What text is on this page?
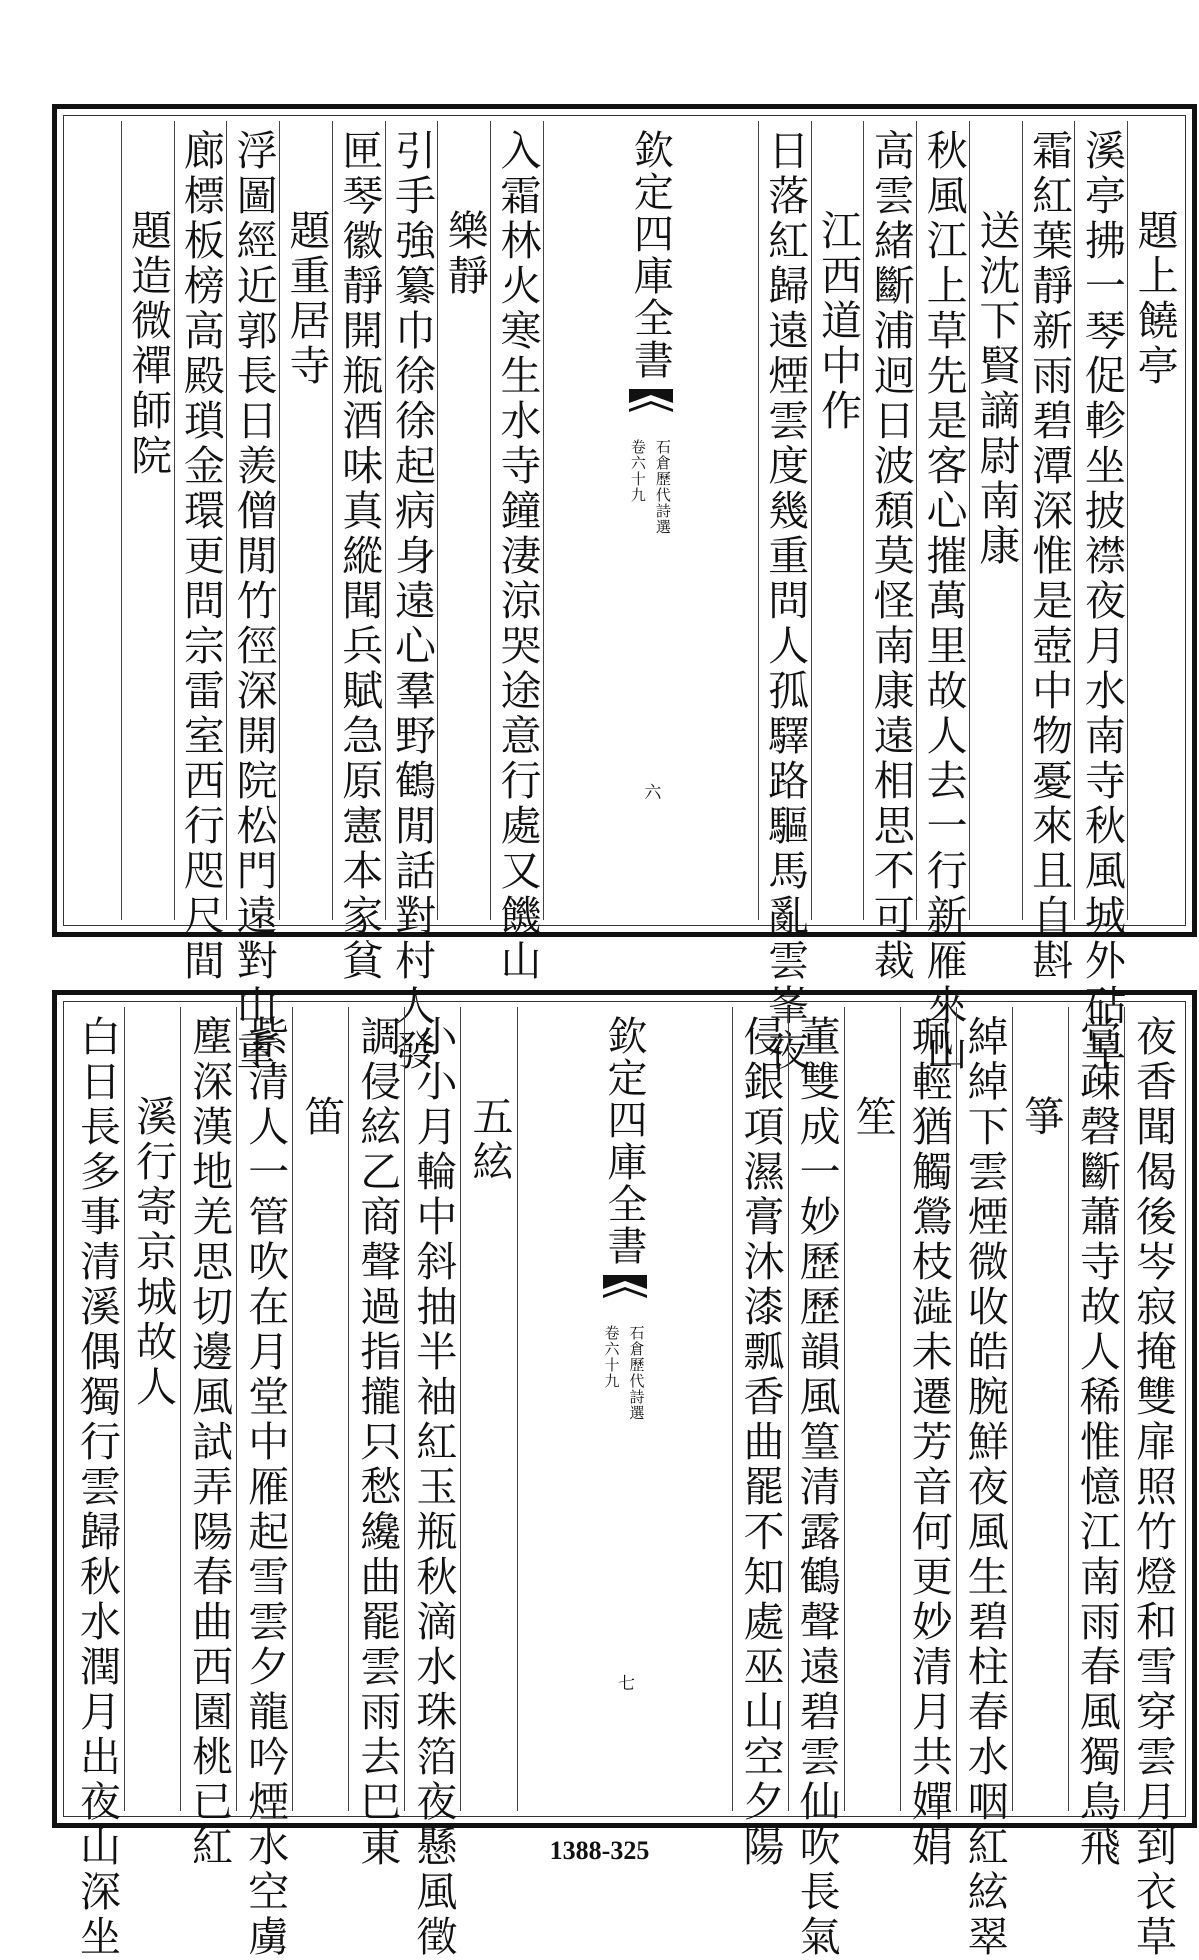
題造微禪師院 廊標板榜高殿瑣金環更問宗雷室西行咫尺間 浮圖經近郭長日羨僧閒竹徑深開院松門遠對山重 題重居寺 匣琴徽靜開瓶酒味真縱聞兵賦急原憲本家貧 引手強纂巾徐徐起病身遠心羣野鶴閒話對村人發 樂靜 入霜林火寒生水寺鐘淒涼哭途意行處又饑山 欽定四庫全書
石倉歷代詩選
卷六十九
六 日落紅歸遠煙雲度幾重問人孤驛路驅馬亂雲峯夜 江西道中作 高雲緒斷浦迥日波頹莫怪南康遠相思不可裁 秋風江上草先是客心摧萬里故人去一行新雁來山 送沈下賢謫尉南康 霜紅葉靜新雨碧潭深惟是壺中物憂來且自斟 溪亭拂一琴促軫坐披襟夜月水南寺秋風城外砧早 題上饒亭
白日長多事清溪偶獨行雲歸秋水潤月出夜山深坐 溪行寄京城故人 塵深漢地羌思切邊風試弄陽春曲西園桃已紅 紫清人一管吹在月堂中雁起雪雲夕龍吟煙水空虜 笛 調侵絃乙商聲過指攏只愁纔曲罷雲雨去巴東 小小月輪中斜抽半袖紅玉瓶秋滴水珠箔夜懸風徵 五絃 欽定四庫全書
石倉歷代詩選
卷六十九
七	侵銀項濕膏沐漆瓢香曲罷不知處巫山空夕陽 董雙成一妙歷歷韻風篁清露鶴聲遠碧雲仙吹長氣 笙 珮輕猶觸鶯枝澁未遷芳音何更妙清月共嬋娟 綽綽下雲煙微收皓腕鮮夜風生碧柱春水咽紅絃翠 箏 堂疎磬斷蕭寺故人稀惟憶江南雨春風獨鳥飛 夜香聞偈後岑寂掩雙扉照竹燈和雪穿雲月到衣草
1388-325
